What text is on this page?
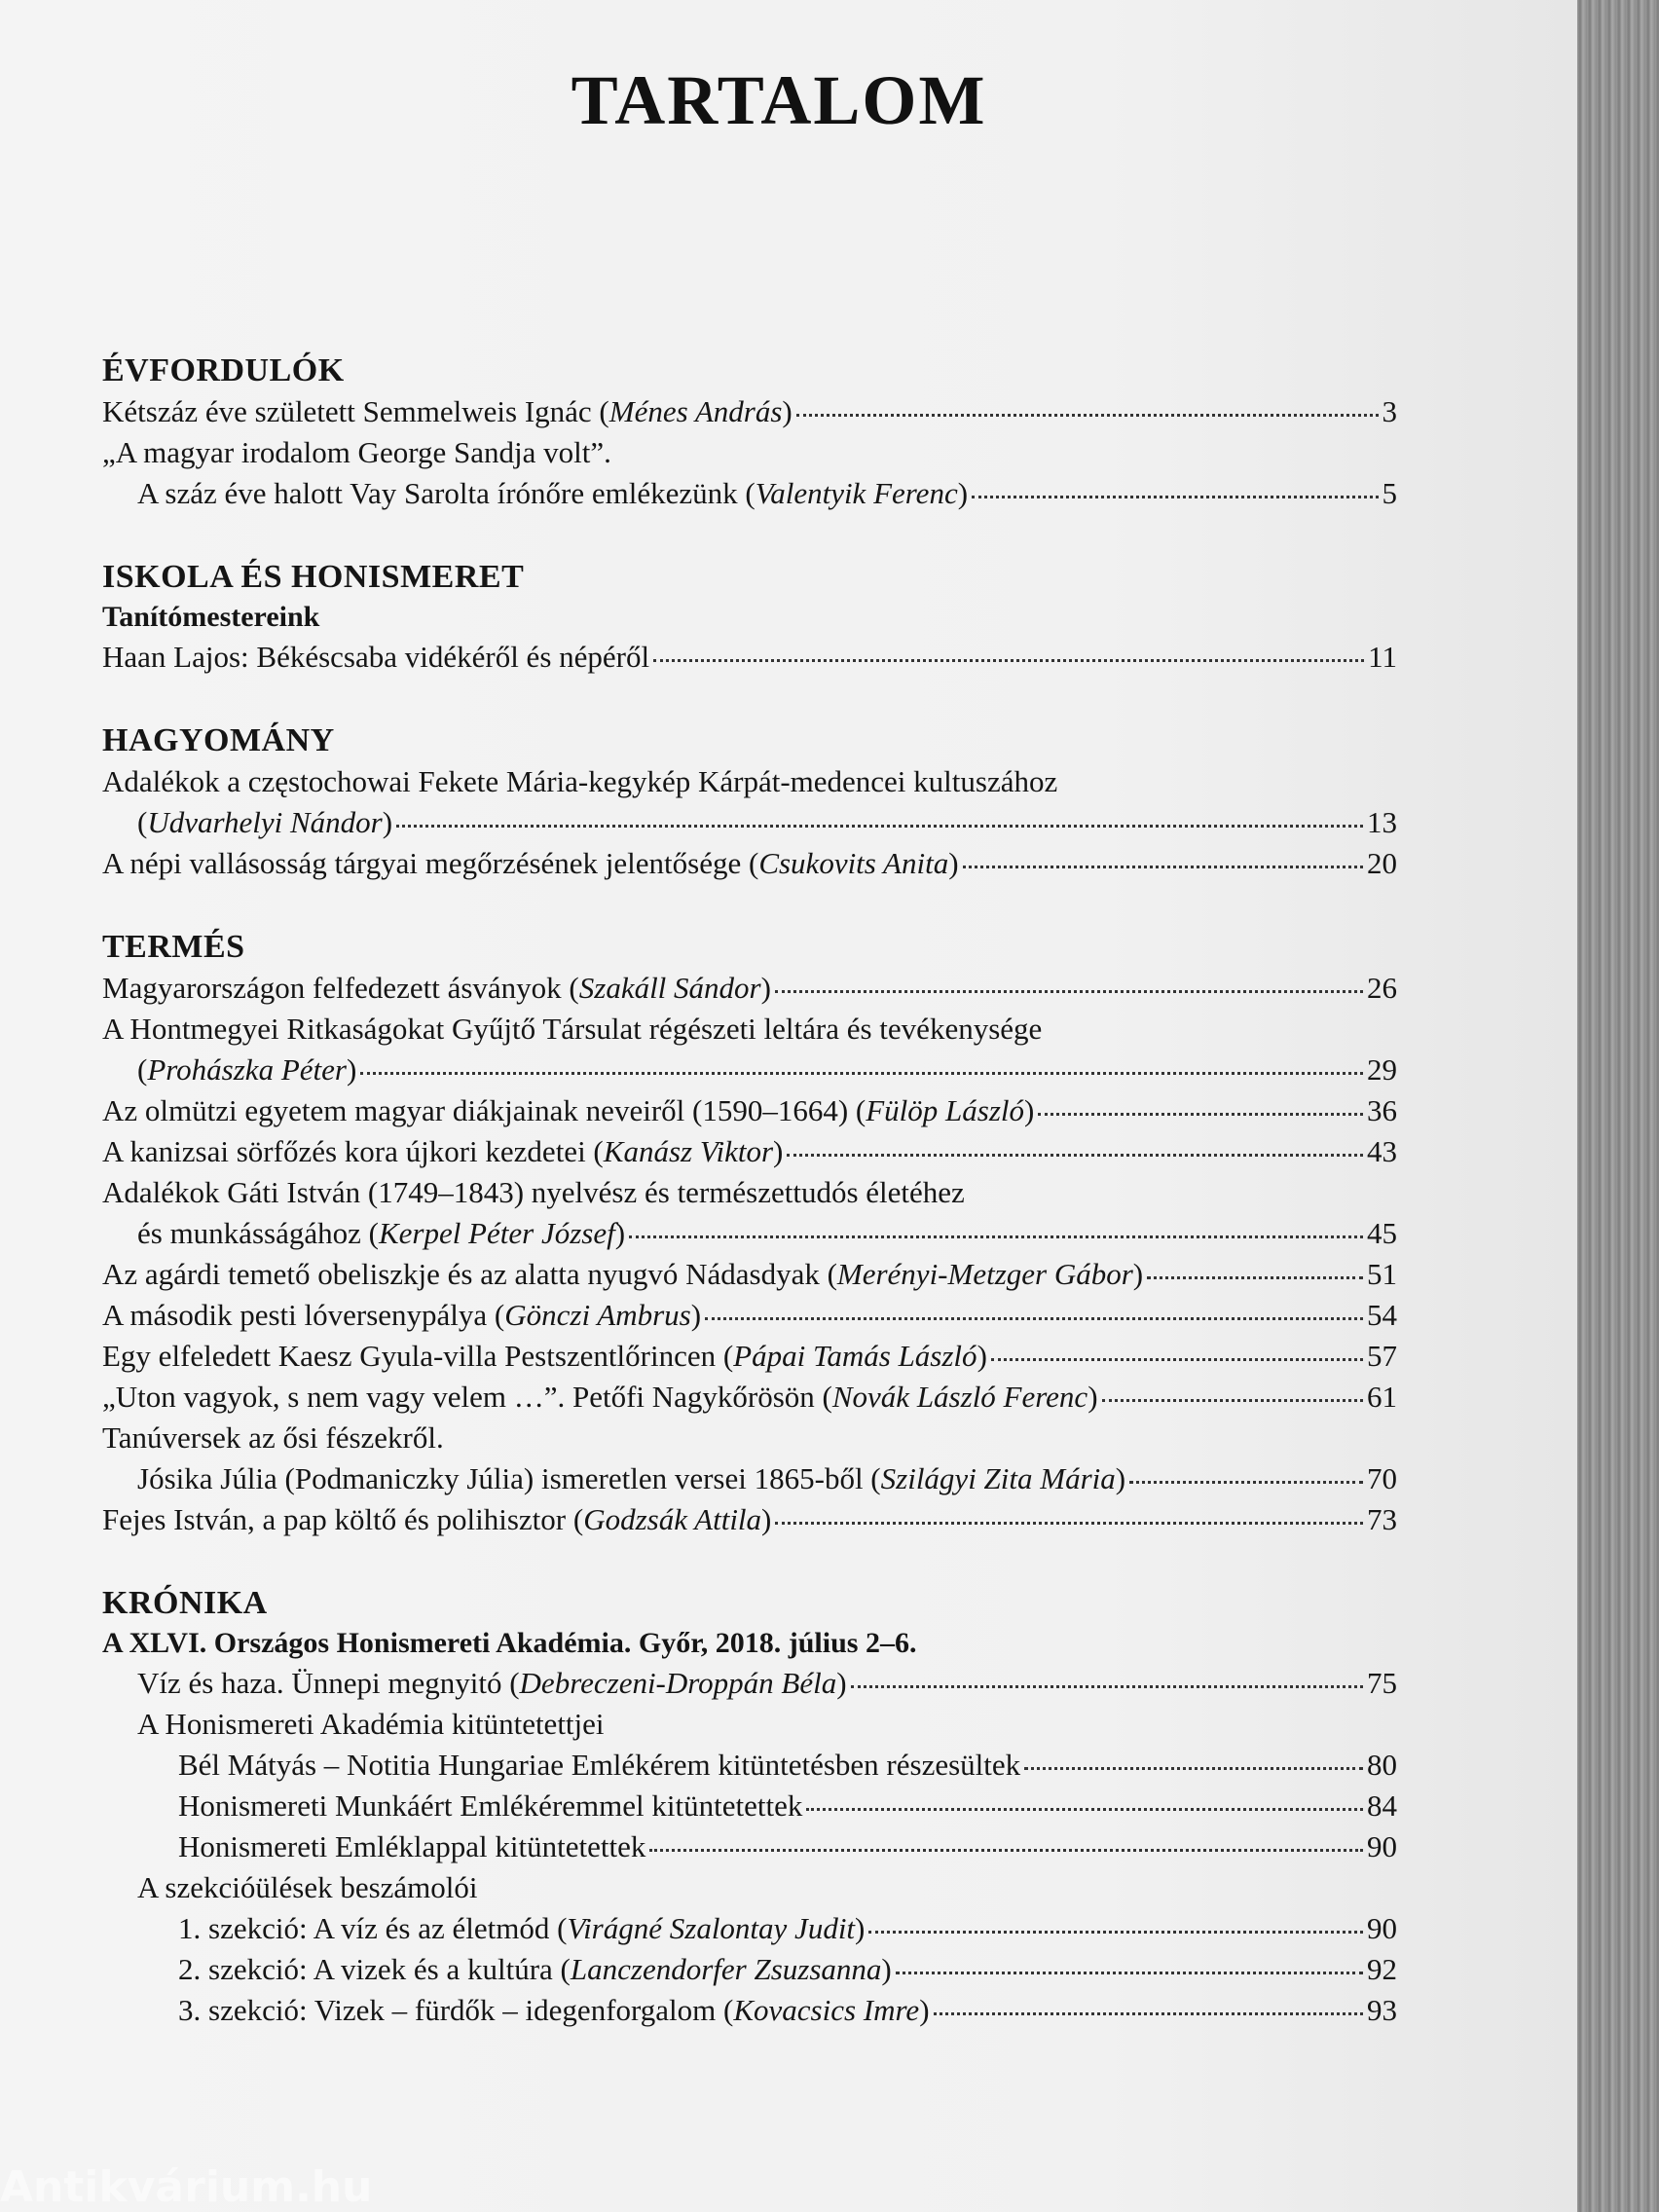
TARTALOM
ÉVFORDULÓK
Kétszáz éve született Semmelweis Ignác (Ménes András)	3
„A magyar irodalom George Sandja volt”.
A száz éve halott Vay Sarolta írónőre emlékezünk (Valentyik Ferenc)	5
ISKOLA ÉS HONISMERET
Tanítómestereink
Haan Lajos: Békéscsaba vidékéről és népéről	11
HAGYOMÁNY
Adalékok a częstochowai Fekete Mária-kegykép Kárpát-medencei kultuszához
(Udvarhelyi Nándor)	13
A népi vallásosság tárgyai megőrzésének jelentősége (Csukovits Anita)	20
TERMÉS
Magyarországon felfedezett ásványok (Szakáll Sándor)	26
A Hontmegyei Ritkaságokat Gyűjtő Társulat régészeti leltára és tevékenysége
(Prohászka Péter)	29
Az olmützi egyetem magyar diákjainak neveiről (1590–1664) (Fülöp László)	36
A kanizsai sörfőzés kora újkori kezdetei (Kanász Viktor)	43
Adalékok Gáti István (1749–1843) nyelvész és természettudós életéhez
és munkásságához (Kerpel Péter József)	45
Az agárdi temető obeliszkje és az alatta nyugvó Nádasdyak (Merényi-Metzger Gábor)	51
A második pesti lóversenypálya (Gönczi Ambrus)	54
Egy elfeledett Kaesz Gyula-villa Pestszentlőrincen (Pápai Tamás László)	57
„Uton vagyok, s nem vagy velem …”. Petőfi Nagykőrösön (Novák László Ferenc)	61
Tanúversek az ősi fészekről.
Jósika Júlia (Podmaniczky Júlia) ismeretlen versei 1865-ből (Szilágyi Zita Mária)	70
Fejes István, a pap költő és polihisztor (Godzsák Attila)	73
KRÓNIKA
A XLVI. Országos Honismereti Akadémia. Győr, 2018. július 2–6.
Víz és haza. Ünnepi megnyitó (Debreczeni-Droppán Béla)	75
A Honismereti Akadémia kitüntetettjei
Bél Mátyás – Notitia Hungariae Emlékérem kitüntetésben részesültek	80
Honismereti Munkáért Emlékéremmel kitüntetettek	84
Honismereti Emléklappal kitüntetettek	90
A szekcióülések beszámolói
1. szekció: A víz és az életmód (Virágné Szalontay Judit)	90
2. szekció: A vizek és a kultúra (Lanczendorfer Zsuzsanna)	92
3. szekció: Vizek – fürdők – idegenforgalom (Kovacsics Imre)	93
Antikvárium.hu
